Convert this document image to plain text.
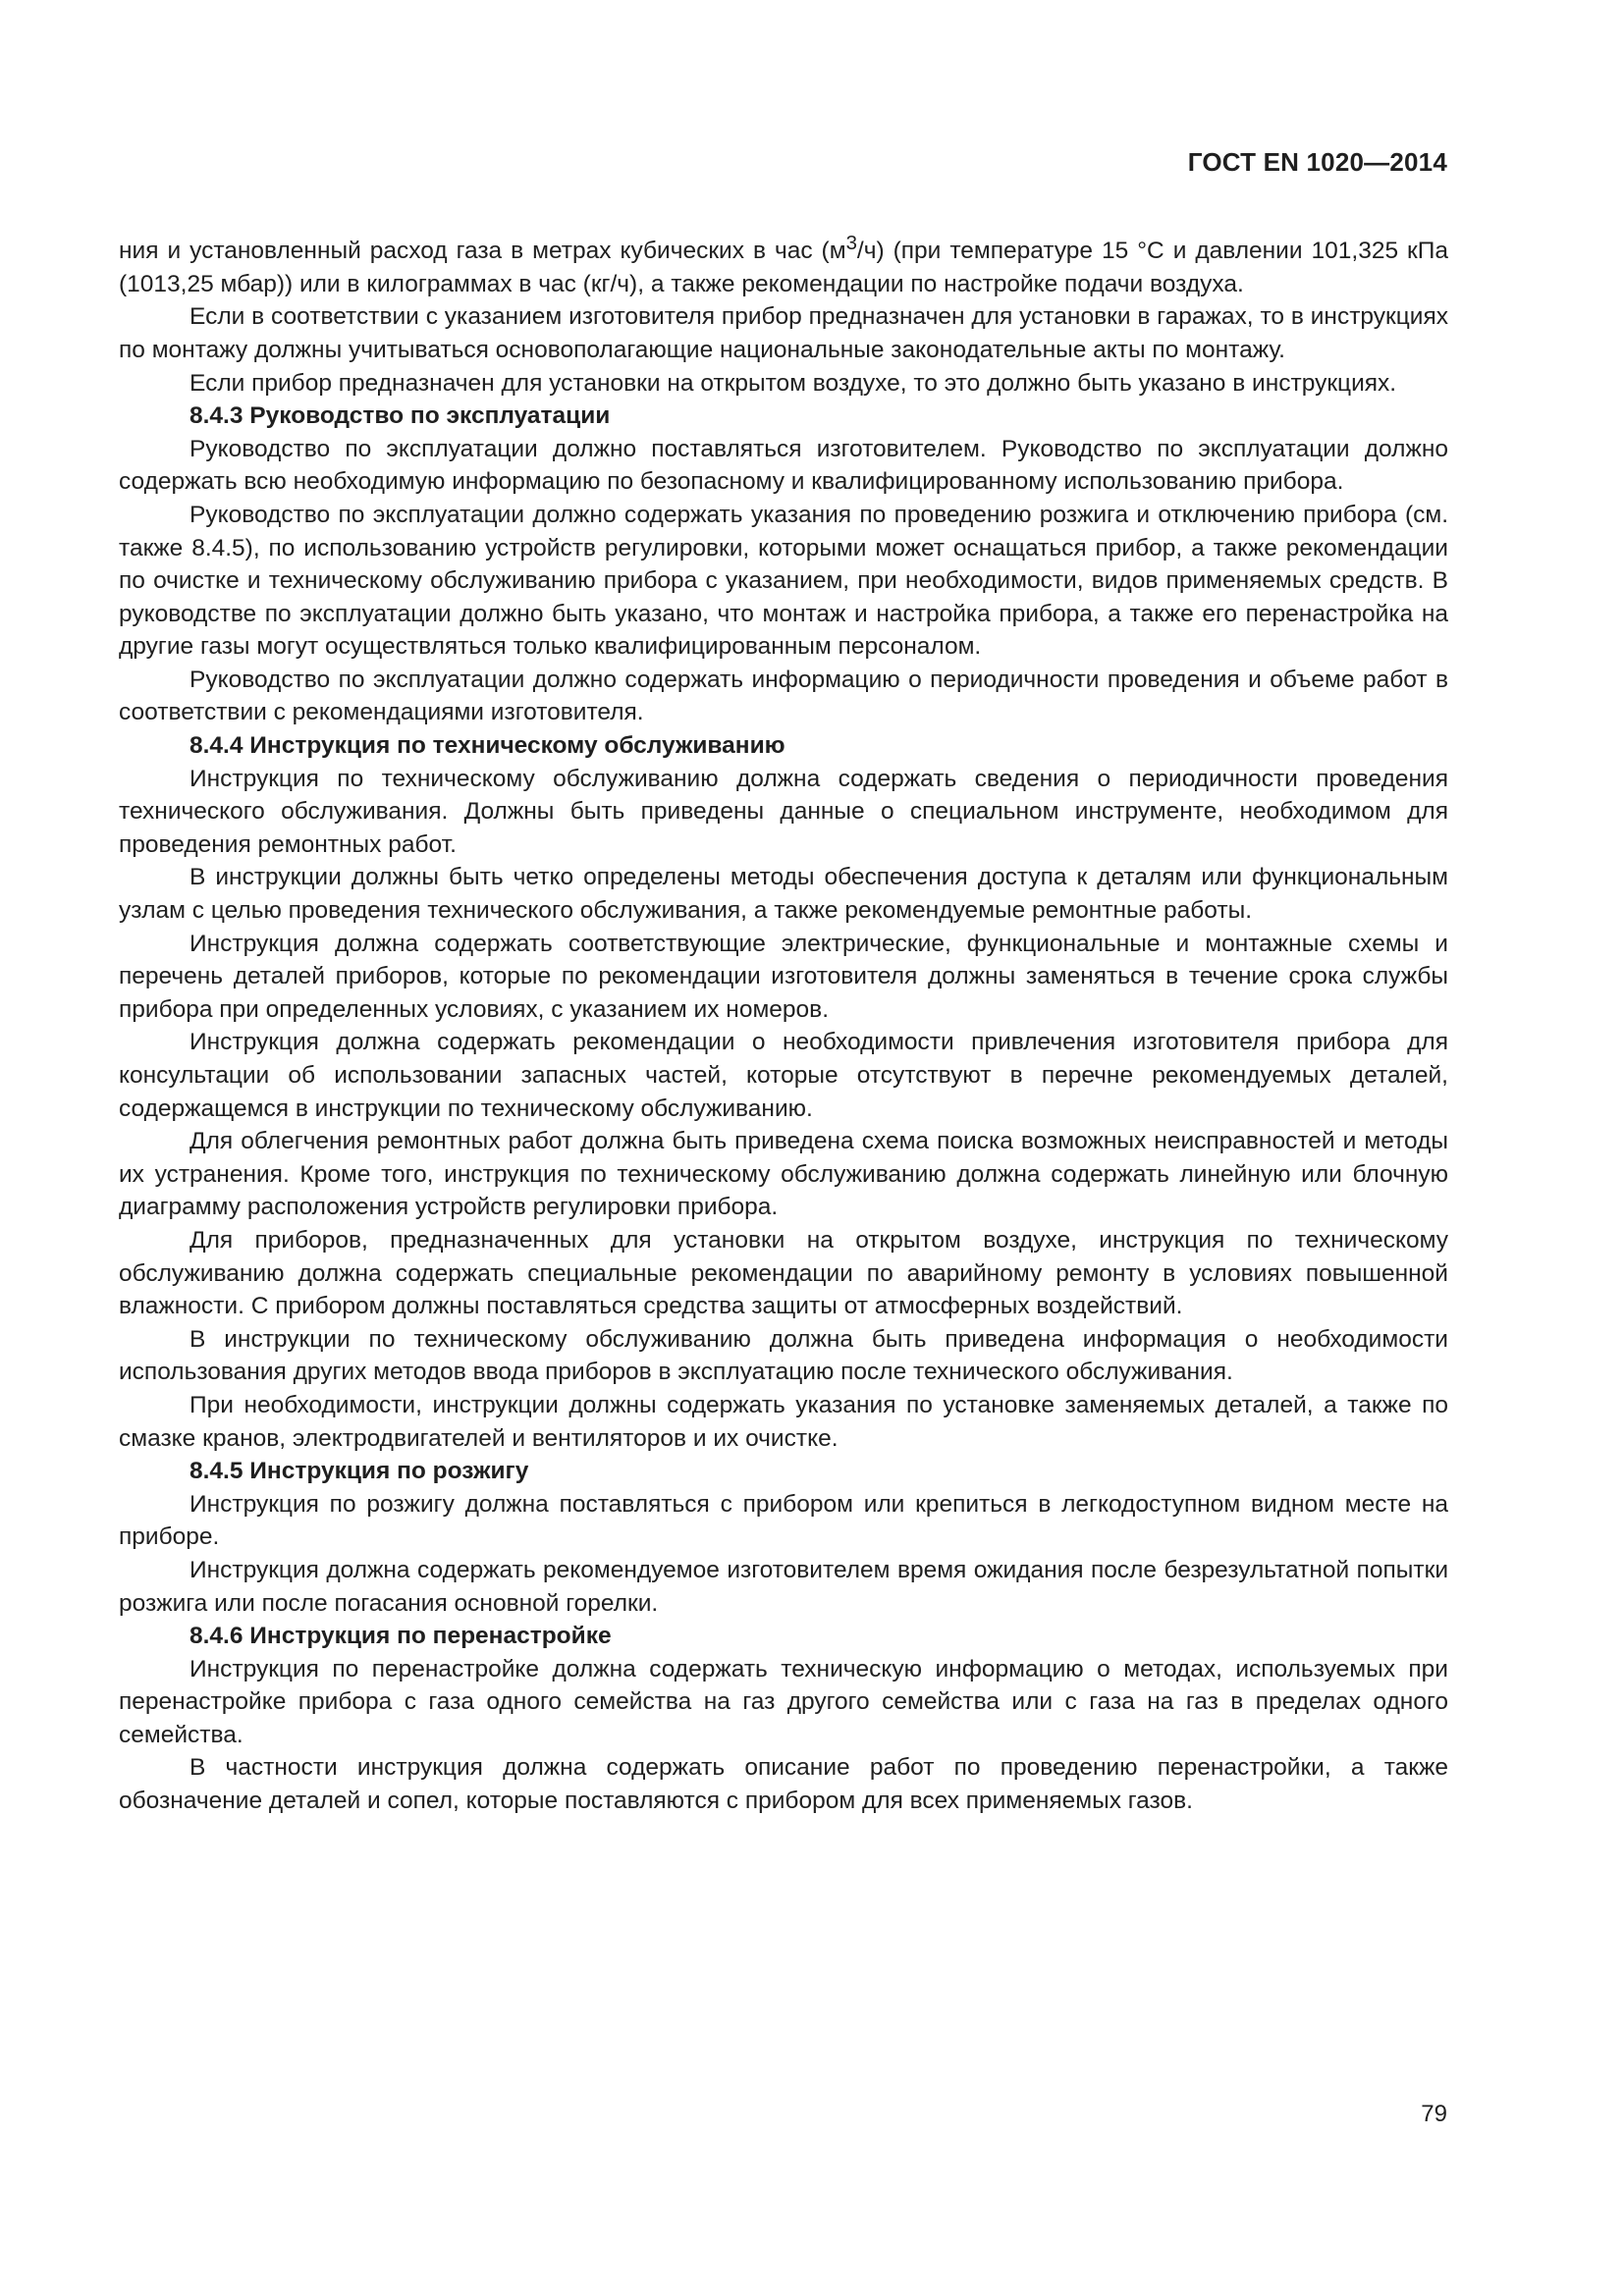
ГОСТ EN 1020—2014

ния и установленный расход газа в метрах кубических в час $(м^3/ч)$ (при температуре 15 °С и давлении 101,325 кПа (1013,25 мбар)) или в килограммах в час (кг/ч), а также рекомендации по настройке подачи воздуха.

Если в соответствии с указанием изготовителя прибор предназначен для установки в гаражах, то в инструкциях по монтажу должны учитываться основополагающие национальные законодательные акты по монтажу.

Если прибор предназначен для установки на открытом воздухе, то это должно быть указано в инструкциях.

8.4.3 Руководство по эксплуатации

Руководство по эксплуатации должно поставляться изготовителем. Руководство по эксплуатации должно содержать всю необходимую информацию по безопасному и квалифицированному использованию прибора.

Руководство по эксплуатации должно содержать указания по проведению розжига и отключению прибора (см. также 8.4.5), по использованию устройств регулировки, которыми может оснащаться прибор, а также рекомендации по очистке и техническому обслуживанию прибора с указанием, при необходимости, видов применяемых средств. В руководстве по эксплуатации должно быть указано, что монтаж и настройка прибора, а также его перенастройка на другие газы могут осуществляться только квалифицированным персоналом.

Руководство по эксплуатации должно содержать информацию о периодичности проведения и объеме работ в соответствии с рекомендациями изготовителя.

8.4.4 Инструкция по техническому обслуживанию

Инструкция по техническому обслуживанию должна содержать сведения о периодичности проведения технического обслуживания. Должны быть приведены данные о специальном инструменте, необходимом для проведения ремонтных работ.

В инструкции должны быть четко определены методы обеспечения доступа к деталям или функциональным узлам с целью проведения технического обслуживания, а также рекомендуемые ремонтные работы.

Инструкция должна содержать соответствующие электрические, функциональные и монтажные схемы и перечень деталей приборов, которые по рекомендации изготовителя должны заменяться в течение срока службы прибора при определенных условиях, с указанием их номеров.

Инструкция должна содержать рекомендации о необходимости привлечения изготовителя прибора для консультации об использовании запасных частей, которые отсутствуют в перечне рекомендуемых деталей, содержащемся в инструкции по техническому обслуживанию.

Для облегчения ремонтных работ должна быть приведена схема поиска возможных неисправностей и методы их устранения. Кроме того, инструкция по техническому обслуживанию должна содержать линейную или блочную диаграмму расположения устройств регулировки прибора.

Для приборов, предназначенных для установки на открытом воздухе, инструкция по техническому обслуживанию должна содержать специальные рекомендации по аварийному ремонту в условиях повышенной влажности. С прибором должны поставляться средства защиты от атмосферных воздействий.

В инструкции по техническому обслуживанию должна быть приведена информация о необходимости использования других методов ввода приборов в эксплуатацию после технического обслуживания.

При необходимости, инструкции должны содержать указания по установке заменяемых деталей, а также по смазке кранов, электродвигателей и вентиляторов и их очистке.

8.4.5 Инструкция по розжигу

Инструкция по розжигу должна поставляться с прибором или крепиться в легкодоступном видном месте на приборе.

Инструкция должна содержать рекомендуемое изготовителем время ожидания после безрезультатной попытки розжига или после погасания основной горелки.

8.4.6 Инструкция по перенастройке

Инструкция по перенастройке должна содержать техническую информацию о методах, используемых при перенастройке прибора с газа одного семейства на газ другого семейства или с газа на газ в пределах одного семейства.

В частности инструкция должна содержать описание работ по проведению перенастройки, а также обозначение деталей и сопел, которые поставляются с прибором для всех применяемых газов.

79
